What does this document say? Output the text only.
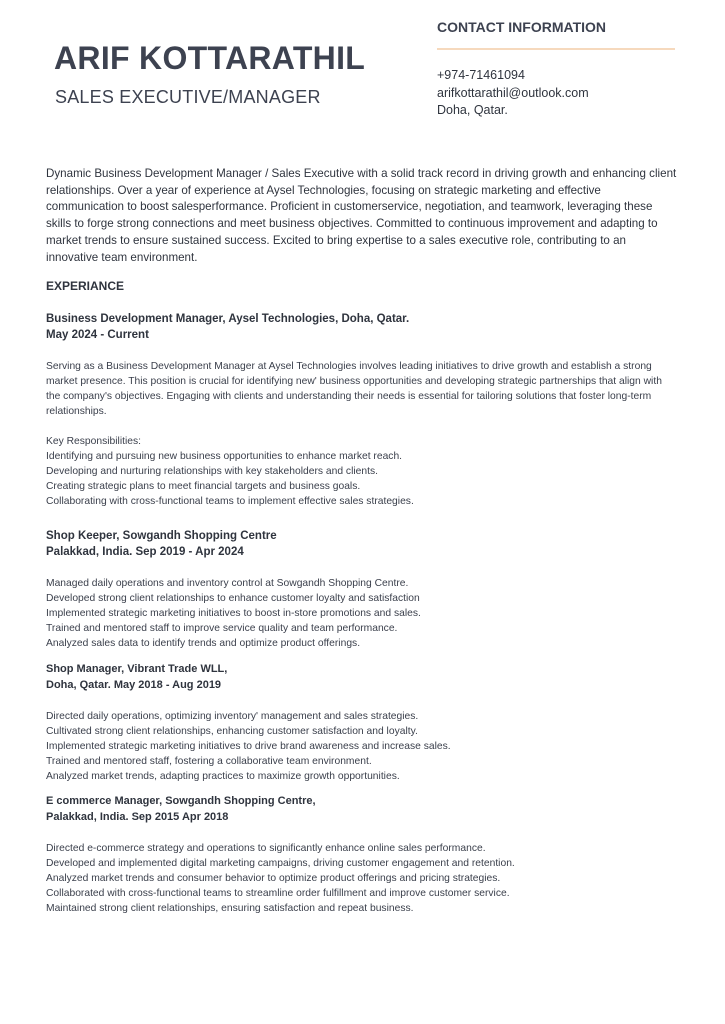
ARIF KOTTARATHIL
SALES EXECUTIVE/MANAGER
CONTACT INFORMATION
+974-71461094
arifkottarathil@outlook.com
Doha, Qatar.
Dynamic Business Development Manager / Sales Executive with a solid track record in driving growth and enhancing client relationships. Over a year of experience at Aysel Technologies, focusing on strategic marketing and effective communication to boost salesperformance. Proficient in customerservice, negotiation, and teamwork, leveraging these skills to forge strong connections and meet business objectives. Committed to continuous improvement and adapting to market trends to ensure sustained success. Excited to bring expertise to a sales executive role, contributing to an innovative team environment.
EXPERIANCE
Business Development Manager, Aysel Technologies, Doha, Qatar.
May 2024 - Current

Serving as a Business Development Manager at Aysel Technologies involves leading initiatives to drive growth and establish a strong market presence. This position is crucial for identifying new' business opportunities and developing strategic partnerships that align with the company's objectives. Engaging with clients and understanding their needs is essential for tailoring solutions that foster long-term relationships.

Key Responsibilities:
Identifying and pursuing new business opportunities to enhance market reach.
Developing and nurturing relationships with key stakeholders and clients.
Creating strategic plans to meet financial targets and business goals.
Collaborating with cross-functional teams to implement effective sales strategies.
Shop Keeper, Sowgandh Shopping Centre
Palakkad, India. Sep 2019 - Apr 2024
Managed daily operations and inventory control at Sowgandh Shopping Centre.
Developed strong client relationships to enhance customer loyalty and satisfaction
Implemented strategic marketing initiatives to boost in-store promotions and sales.
Trained and mentored staff to improve service quality and team performance.
Analyzed sales data to identify trends and optimize product offerings.
Shop Manager, Vibrant Trade WLL,
Doha, Qatar. May 2018 - Aug 2019
Directed daily operations, optimizing inventory' management and sales strategies.
Cultivated strong client relationships, enhancing customer satisfaction and loyalty.
Implemented strategic marketing initiatives to drive brand awareness and increase sales.
Trained and mentored staff, fostering a collaborative team environment.
Analyzed market trends, adapting practices to maximize growth opportunities.
E commerce Manager, Sowgandh Shopping Centre,
Palakkad, India. Sep 2015 Apr 2018
Directed e-commerce strategy and operations to significantly enhance online sales performance.
Developed and implemented digital marketing campaigns, driving customer engagement and retention.
Analyzed market trends and consumer behavior to optimize product offerings and pricing strategies.
Collaborated with cross-functional teams to streamline order fulfillment and improve customer service.
Maintained strong client relationships, ensuring satisfaction and repeat business.
